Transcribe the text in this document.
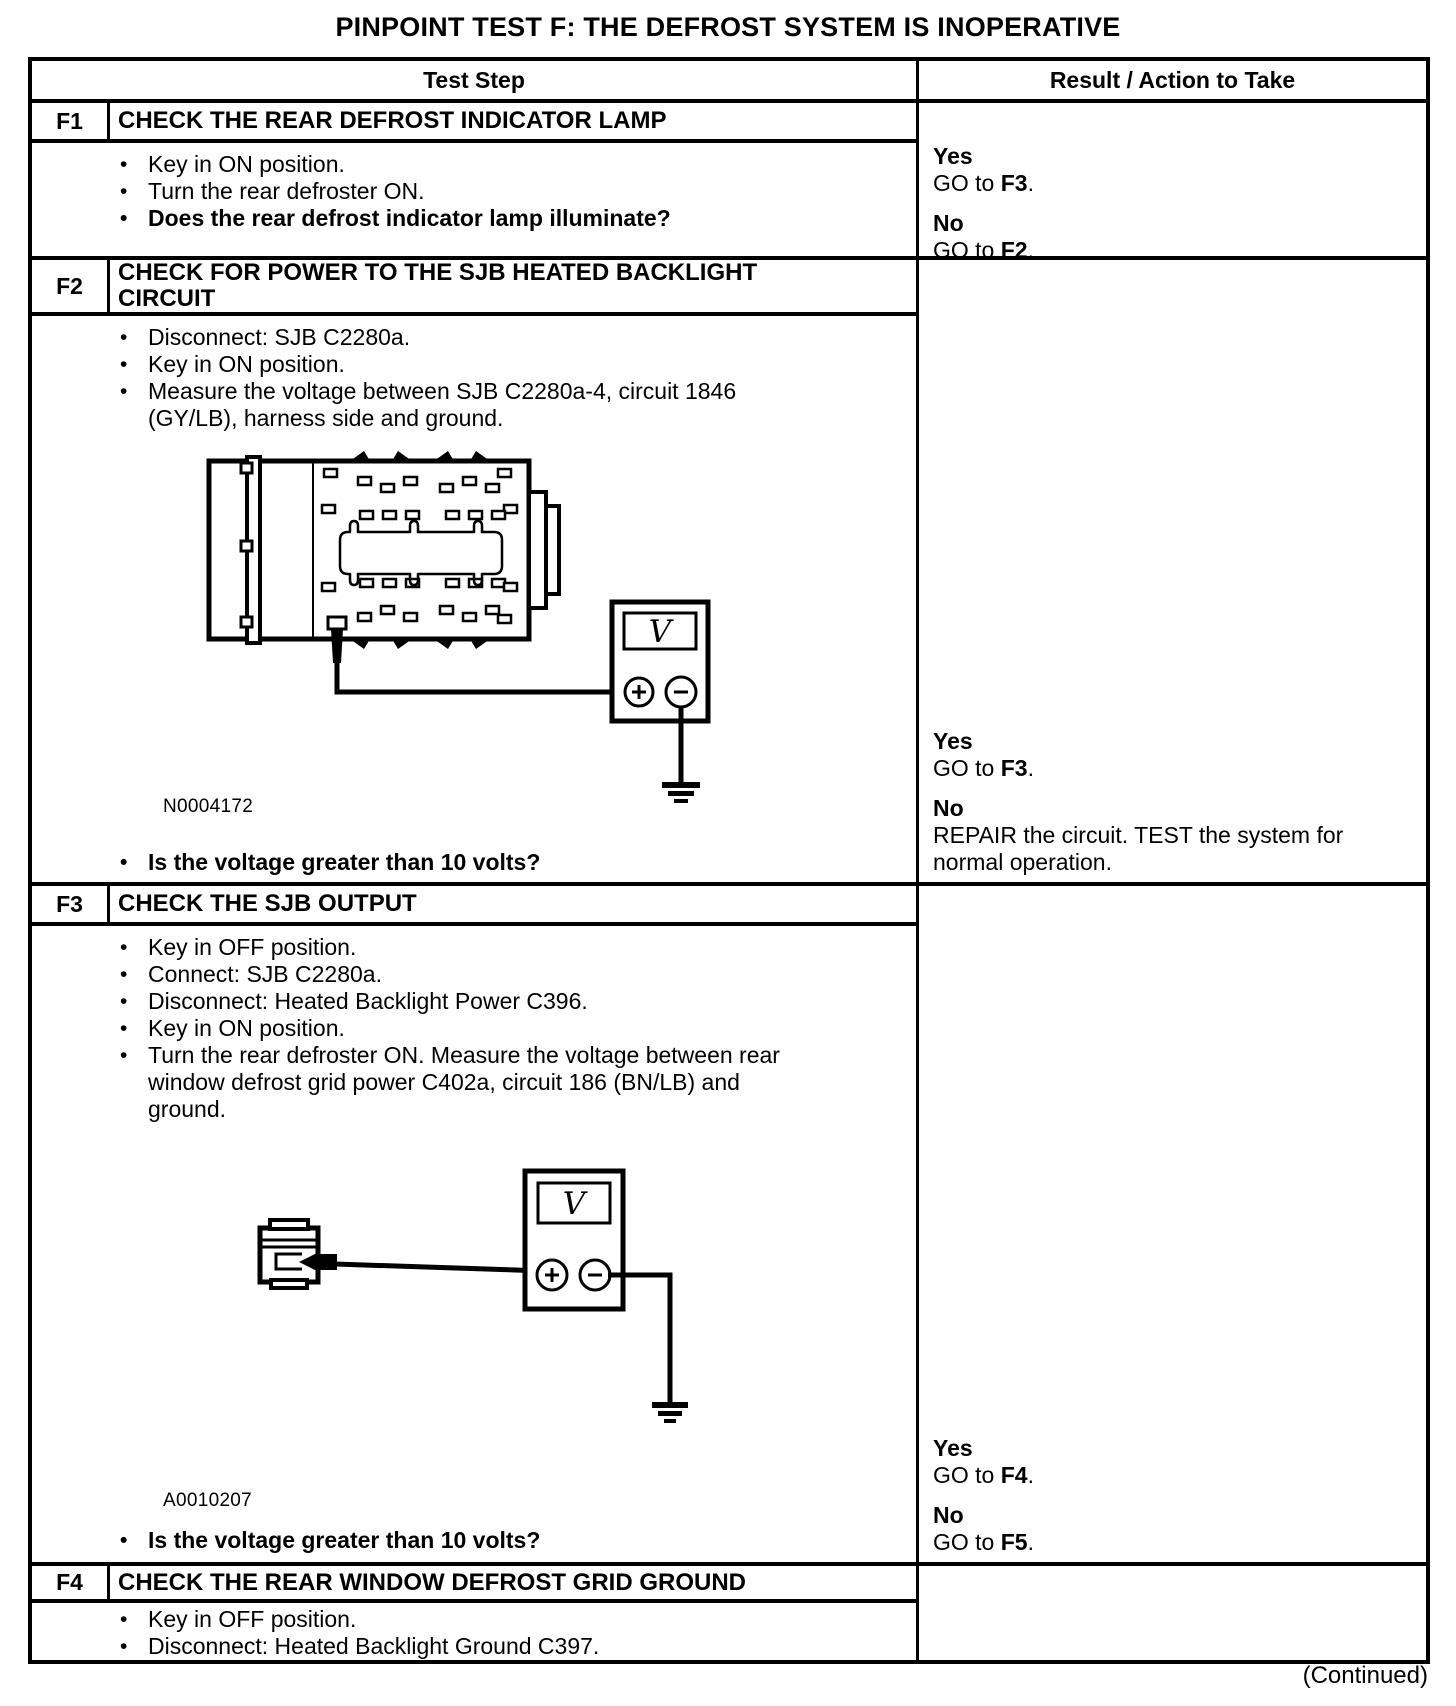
PINPOINT TEST F: THE DEFROST SYSTEM IS INOPERATIVE
Test Step	Result / Action to Take
F1	CHECK THE REAR DEFROST INDICATOR LAMP
• Key in ON position.
• Turn the rear defroster ON.
• Does the rear defrost indicator lamp illuminate?
Yes
GO to F3.
No
GO to F2.
F2	CHECK FOR POWER TO THE SJB HEATED BACKLIGHT CIRCUIT
• Disconnect: SJB C2280a.
• Key in ON position.
• Measure the voltage between SJB C2280a-4, circuit 1846 (GY/LB), harness side and ground.
V
N0004172
• Is the voltage greater than 10 volts?
Yes
GO to F3.
No
REPAIR the circuit. TEST the system for normal operation.
F3	CHECK THE SJB OUTPUT
• Key in OFF position.
• Connect: SJB C2280a.
• Disconnect: Heated Backlight Power C396.
• Key in ON position.
• Turn the rear defroster ON. Measure the voltage between rear window defrost grid power C402a, circuit 186 (BN/LB) and ground.
V
A0010207
• Is the voltage greater than 10 volts?
Yes
GO to F4.
No
GO to F5.
F4	CHECK THE REAR WINDOW DEFROST GRID GROUND
• Key in OFF position.
• Disconnect: Heated Backlight Ground C397.
(Continued)
